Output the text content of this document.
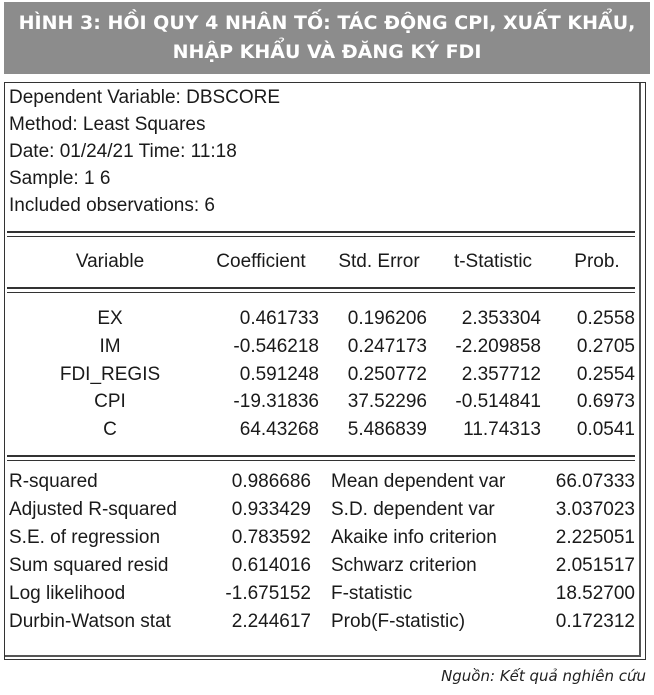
HÌNH 3: HỒI QUY 4 NHÂN TỐ: TÁC ĐỘNG CPI, XUẤT KHẨU,
NHẬP KHẨU VÀ ĐĂNG KÝ FDI
Dependent Variable: DBSCORE
Method: Least Squares
Date: 01/24/21 Time: 11:18
Sample: 1 6
Included observations: 6
Variable	Coefficient	Std. Error	t-Statistic	Prob.
EX	0.461733	0.196206	2.353304	0.2558
IM	-0.546218	0.247173	-2.209858	0.2705
FDI_REGIS	0.591248	0.250772	2.357712	0.2554
CPI	-19.31836	37.52296	-0.514841	0.6973
C	64.43268	5.486839	11.74313	0.0541
R-squared	0.986686 Mean dependent var	66.07333
Adjusted R-squared	0.933429 S.D. dependent var	3.037023
S.E. of regression	0.783592 Akaike info criterion	2.225051
Sum squared resid	0.614016 Schwarz criterion	2.051517
Log likelihood	-1.675152 F-statistic	18.52700
Durbin-Watson stat	2.244617 Prob(F-statistic)	0.172312
Nguồn: Kết quả nghiên cứu
